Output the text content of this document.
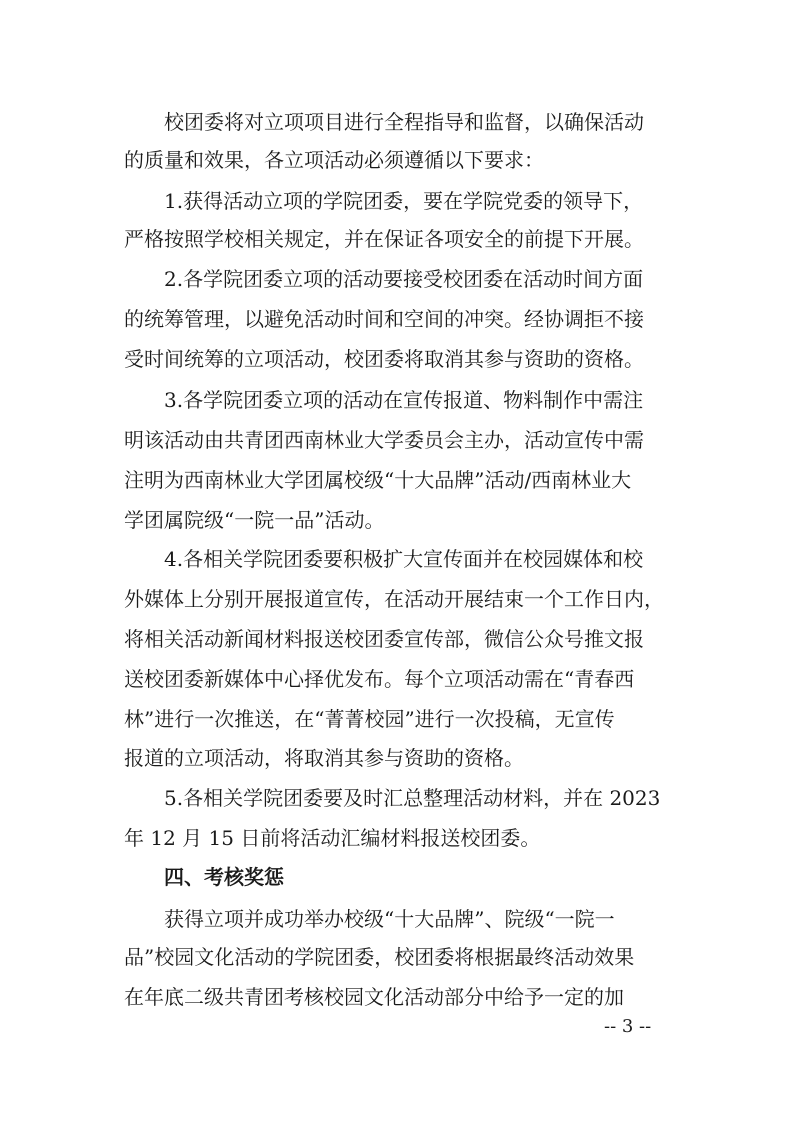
校团委将对立项项目进行全程指导和监督，以确保活动
的质量和效果，各立项活动必须遵循以下要求：
1.获得活动立项的学院团委，要在学院党委的领导下，
严格按照学校相关规定，并在保证各项安全的前提下开展。
2.各学院团委立项的活动要接受校团委在活动时间方面
的统筹管理，以避免活动时间和空间的冲突。经协调拒不接
受时间统筹的立项活动，校团委将取消其参与资助的资格。
3.各学院团委立项的活动在宣传报道、物料制作中需注
明该活动由共青团西南林业大学委员会主办，活动宣传中需
注明为西南林业大学团属校级“十大品牌”活动/西南林业大
学团属院级“一院一品”活动。
4.各相关学院团委要积极扩大宣传面并在校园媒体和校
外媒体上分别开展报道宣传，在活动开展结束一个工作日内，
将相关活动新闻材料报送校团委宣传部，微信公众号推文报
送校团委新媒体中心择优发布。每个立项活动需在“青春西
林”进行一次推送，在“菁菁校园”进行一次投稿，无宣传
报道的立项活动，将取消其参与资助的资格。
5.各相关学院团委要及时汇总整理活动材料，并在 2023
年 12 月 15 日前将活动汇编材料报送校团委。
四、考核奖惩
获得立项并成功举办校级“十大品牌”、院级“一院一
品”校园文化活动的学院团委，校团委将根据最终活动效果
在年底二级共青团考核校园文化活动部分中给予一定的加
-- 3 --
